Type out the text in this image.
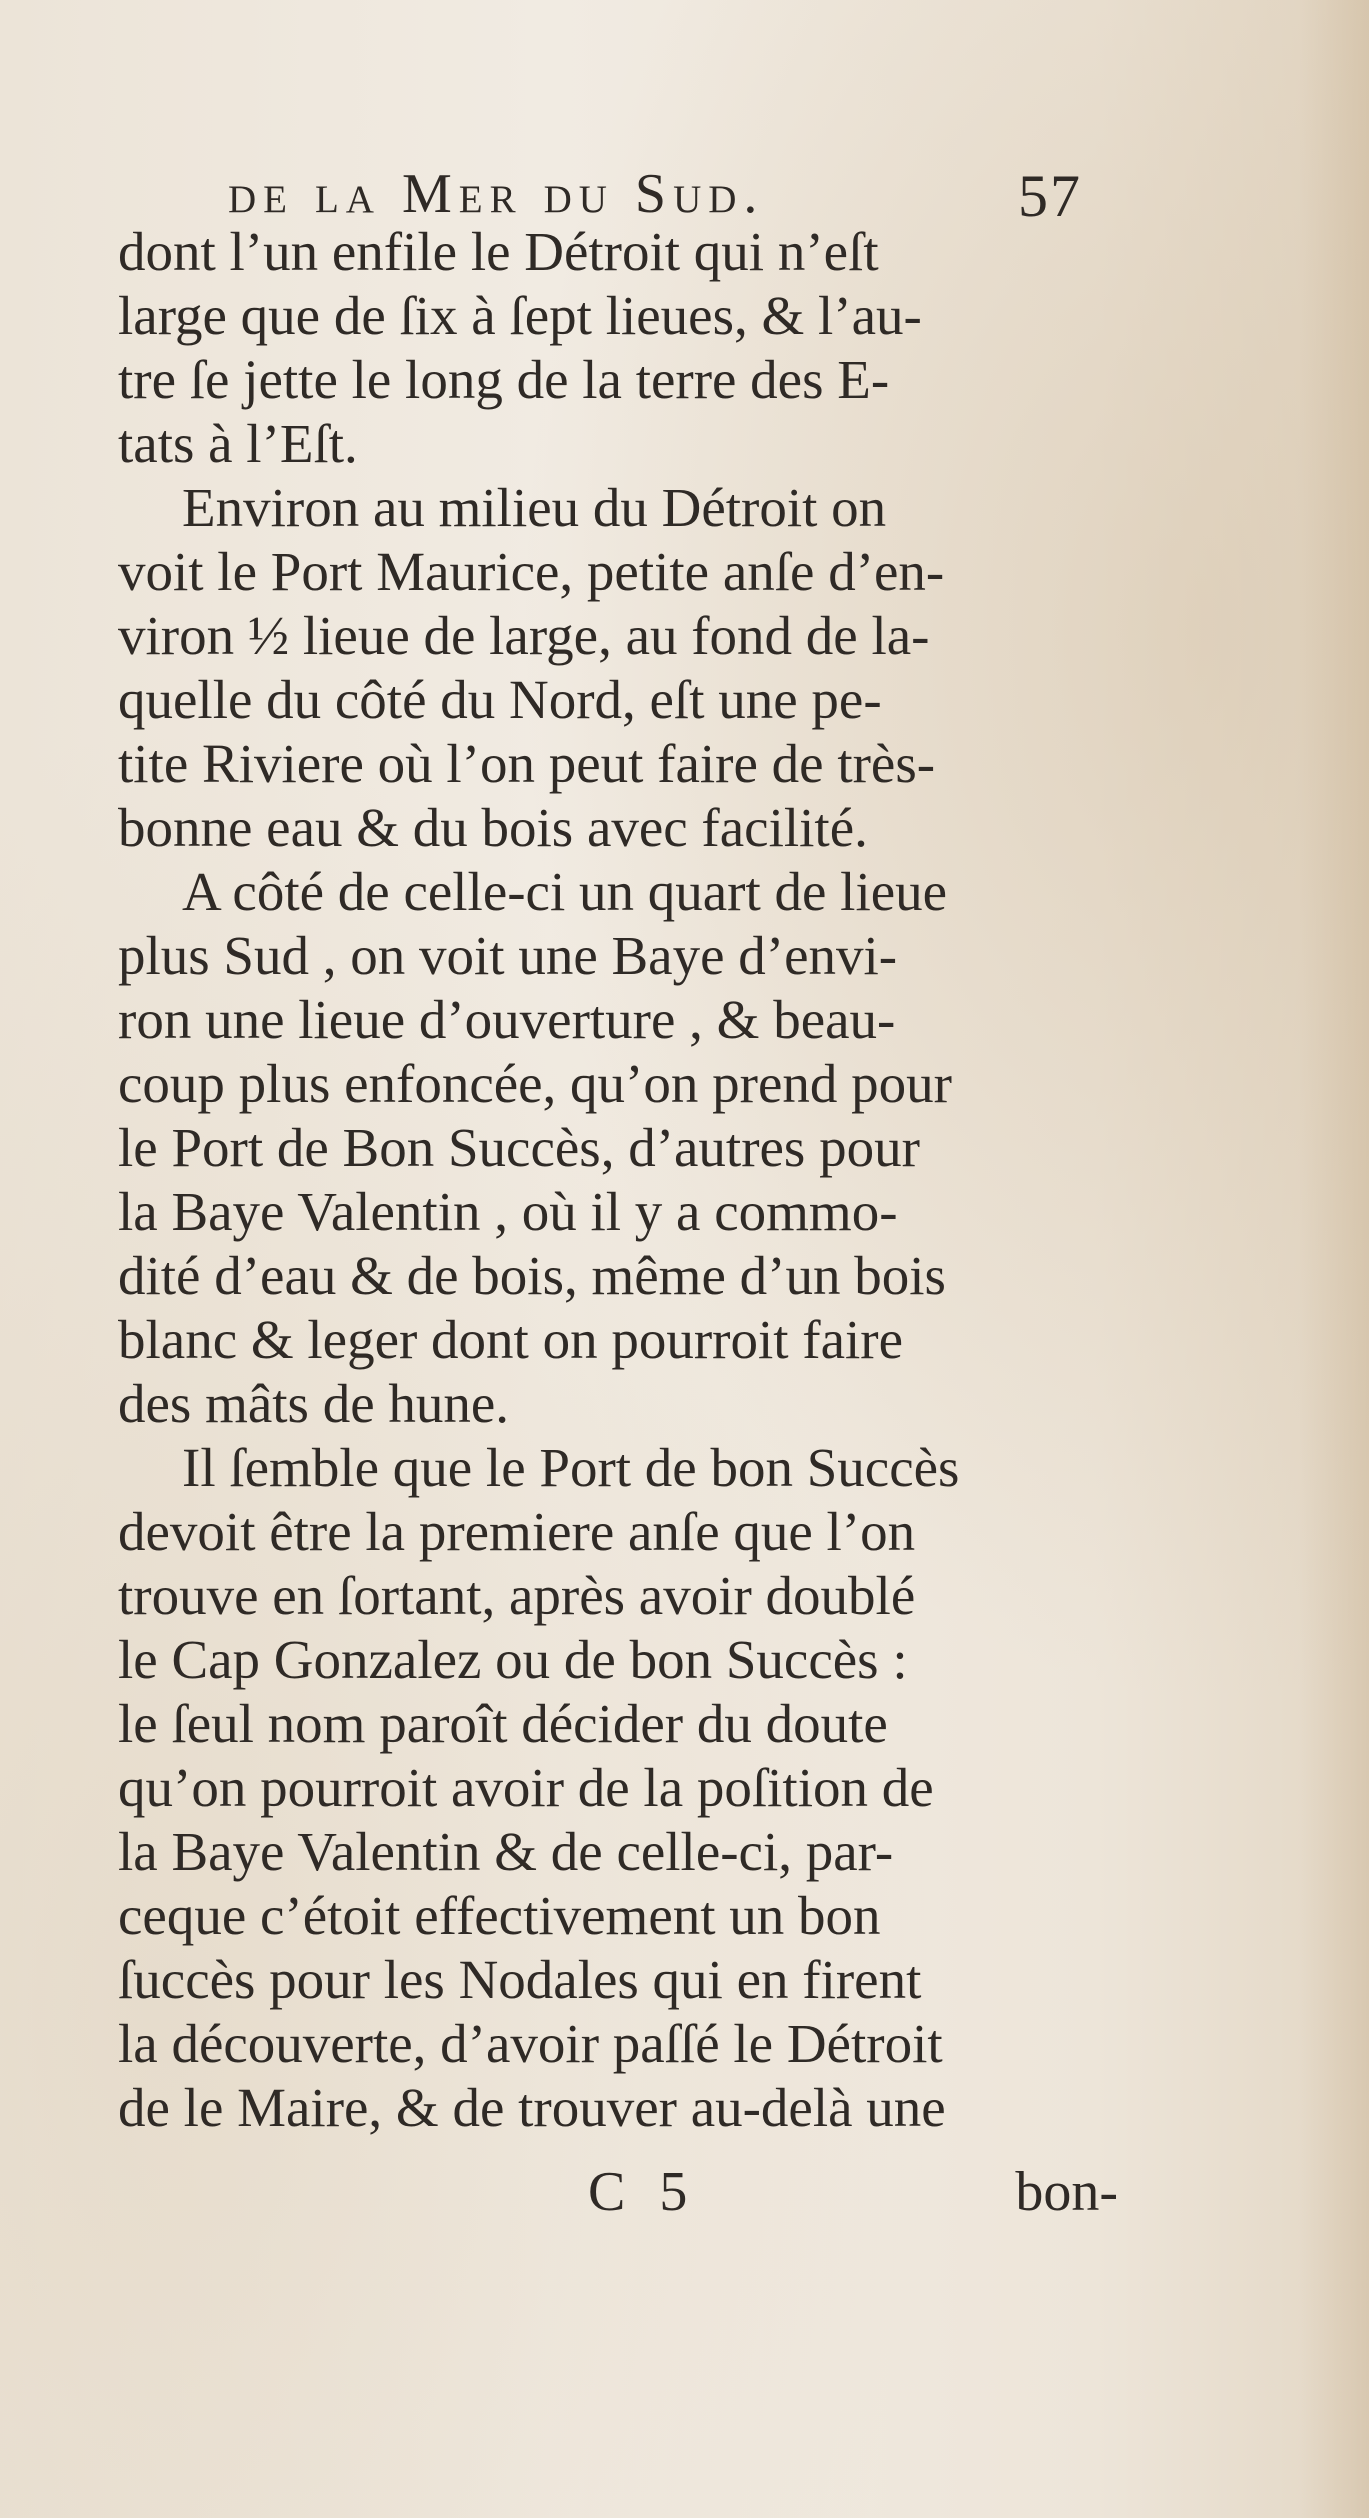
de la Mer du Sud.	57
dont l’un enfile le Détroit qui n’eſt
large que de ſix à ſept lieues, & l’au-
tre ſe jette le long de la terre des E-
tats à l’Eſt.
Environ au milieu du Détroit on
voit le Port Maurice, petite anſe d’en-
viron ½ lieue de large, au fond de la-
quelle du côté du Nord, eſt une pe-
tite Riviere où l’on peut faire de très-
bonne eau & du bois avec facilité.
A côté de celle-ci un quart de lieue
plus Sud , on voit une Baye d’envi-
ron une lieue d’ouverture , & beau-
coup plus enfoncée, qu’on prend pour
le Port de Bon Succès, d’autres pour
la Baye Valentin , où il y a commo-
dité d’eau & de bois, même d’un bois
blanc & leger dont on pourroit faire
des mâts de hune.
Il ſemble que le Port de bon Succès
devoit être la premiere anſe que l’on
trouve en ſortant, après avoir doublé
le Cap Gonzalez ou de bon Succès :
le ſeul nom paroît décider du doute
qu’on pourroit avoir de la poſition de
la Baye Valentin & de celle-ci, par-
ceque c’étoit effectivement un bon
ſuccès pour les Nodales qui en firent
la découverte, d’avoir paſſé le Détroit
de le Maire, & de trouver au-delà une
C 5	bon-
